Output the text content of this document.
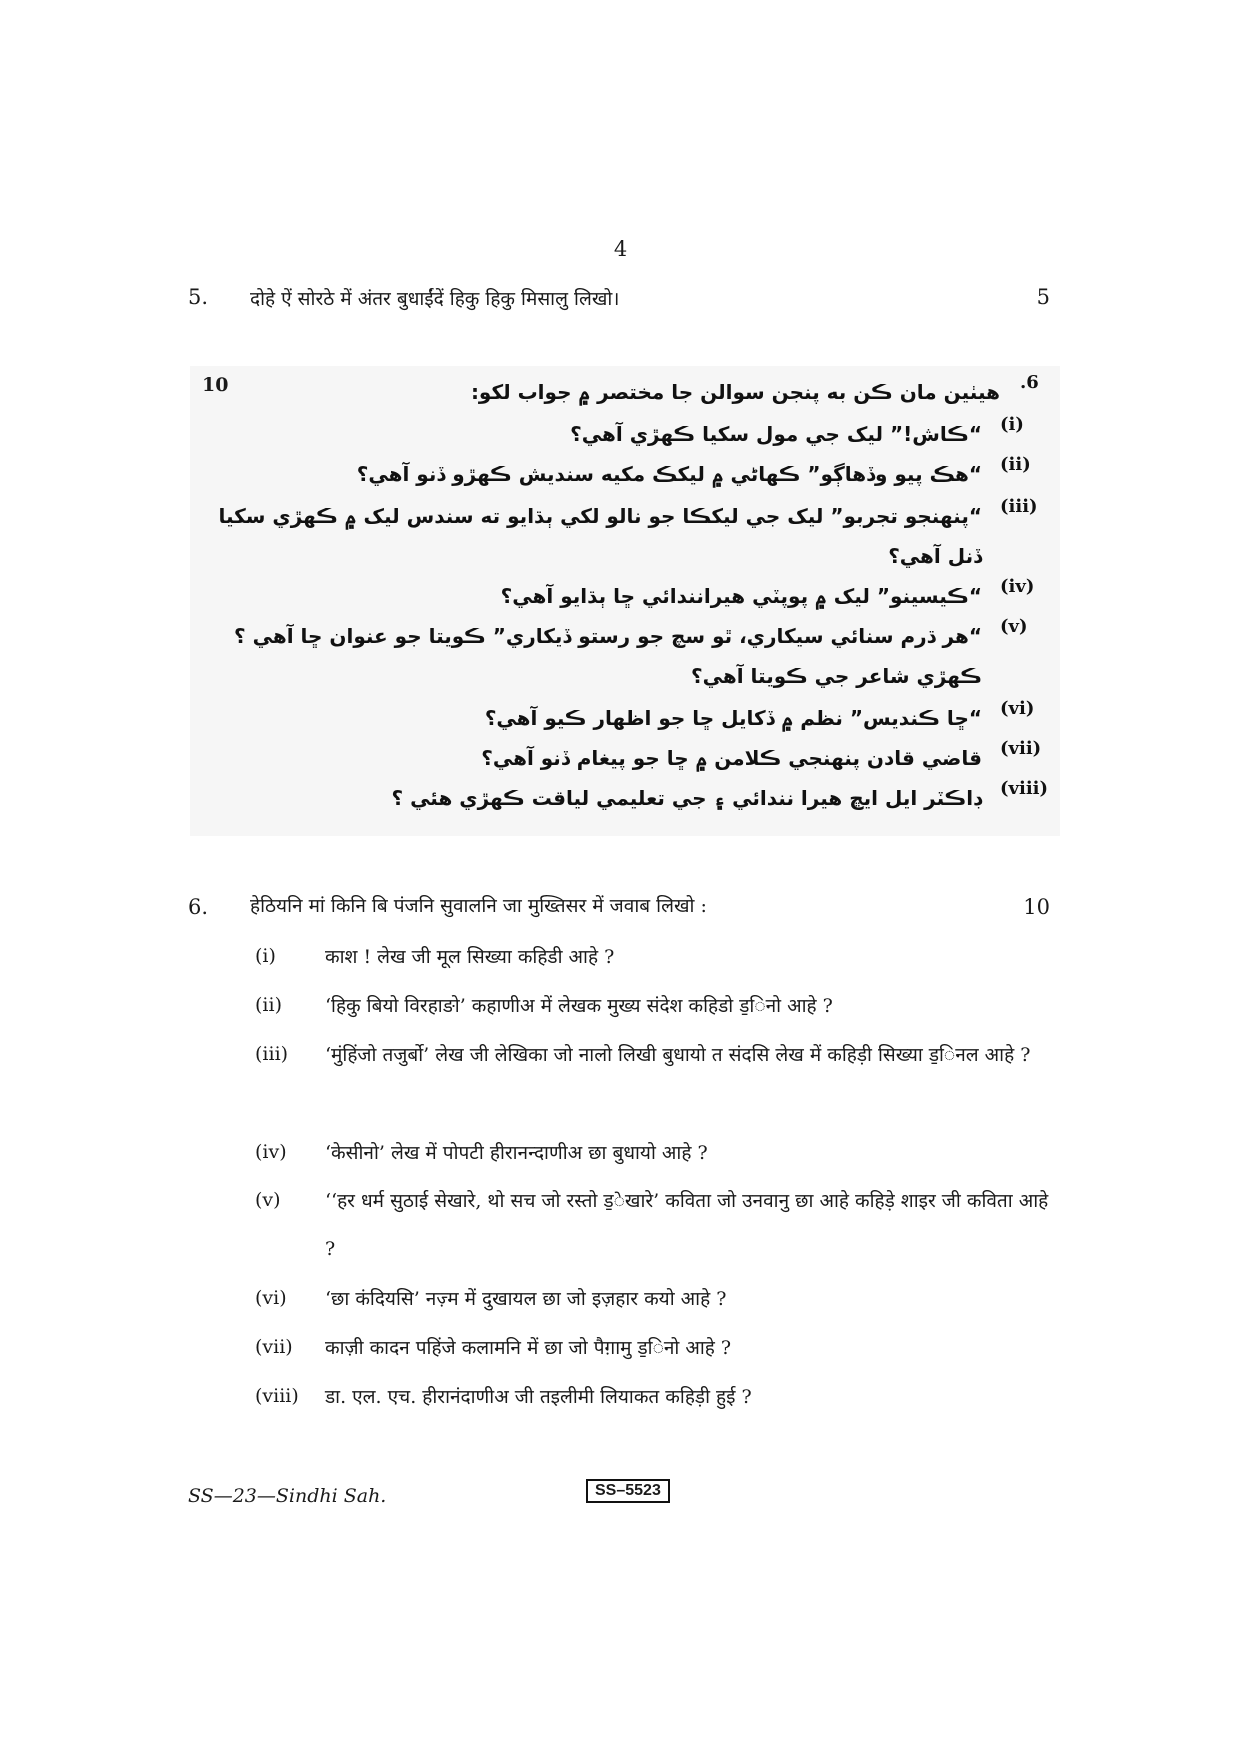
4
5. दोहे ऐं सोरठे में अंतर बुधाईंदें हिकु हिकु मिसालु लिखो।	5
10	.6
هيٺين مان ڪن به پنجن سوالن جا مختصر ۾ جواب لکو:
(i)
“ڪاش!” ليک جي مول سکيا ڪهڙي آهي؟
(ii)
“هڪ پيو وڏهاڳو” ڪهاڻي ۾ ليکڪ مکيه سنديش ڪهڙو ڏنو آهي؟
(iii)
“پنهنجو تجربو” ليک جي ليکڪا جو نالو لکي ٻڌايو ته سندس ليک ۾ ڪهڙي سکيا ڏنل آهي؟
(iv)
“ڪيسينو” ليک ۾ پوپٽي هيرانندائي ڇا ٻڌايو آهي؟
(v)
“هر ڌرم سنائي سيکاري، ٿو سچ جو رستو ڏيکاري” ڪويتا جو عنوان ڇا آهي ؟ ڪهڙي شاعر جي ڪويتا آهي؟
(vi)
“ڇا ڪنديس” نظم ۾ ڏکايل ڇا جو اظهار ڪيو آهي؟
(vii)
قاضي قادن پنهنجي ڪلامن ۾ ڇا جو پيغام ڏنو آهي؟
(viii)
ڊاڪٽر ايل ايڇ هيرا نندائي ۽ جي تعليمي لياقت ڪهڙي هئي ؟
6. हेठियनि मां किनि बि पंजनि सुवालनि जा मुख्तिसर में जवाब लिखो :	10
(i)	काश ! लेख जी मूल सिख्या कहिडी आहे ?
(ii) ‘हिकु बियो विरहाङो’ कहाणीअ में लेखक मुख्य संदेश कहिडो ड̱िनो आहे ?
(iii) ‘मुंहिंजो तजुर्बो’ लेख जी लेखिका जो नालो लिखी बुधायो त संदसि लेख में कहिड़ी सिख्या ड̱िनल आहे ?
(iv) ‘केसीनो’ लेख में पोपटी हीरानन्दाणीअ छा बुधायो आहे ?
(v) ‘‘हर धर्म सुठाई सेखारे, थो सच जो रस्तो ड̱ेखारे’ कविता जो उनवानु छा आहे कहिड़े शाइर जी कविता आहे ?
(vi) ‘छा कंदियसि’ नज़्म में दुखायल छा जो इज़हार कयो आहे ?
(vii) काज़ी कादन पहिंजे कलामनि में छा जो पैग़ामु ड̱िनो आहे ?
(viii) डा. एल. एच. हीरानंदाणीअ जी तइलीमी लियाकत कहिड़ी हुई ?
SS—23—Sindhi Sah.	SS–5523
